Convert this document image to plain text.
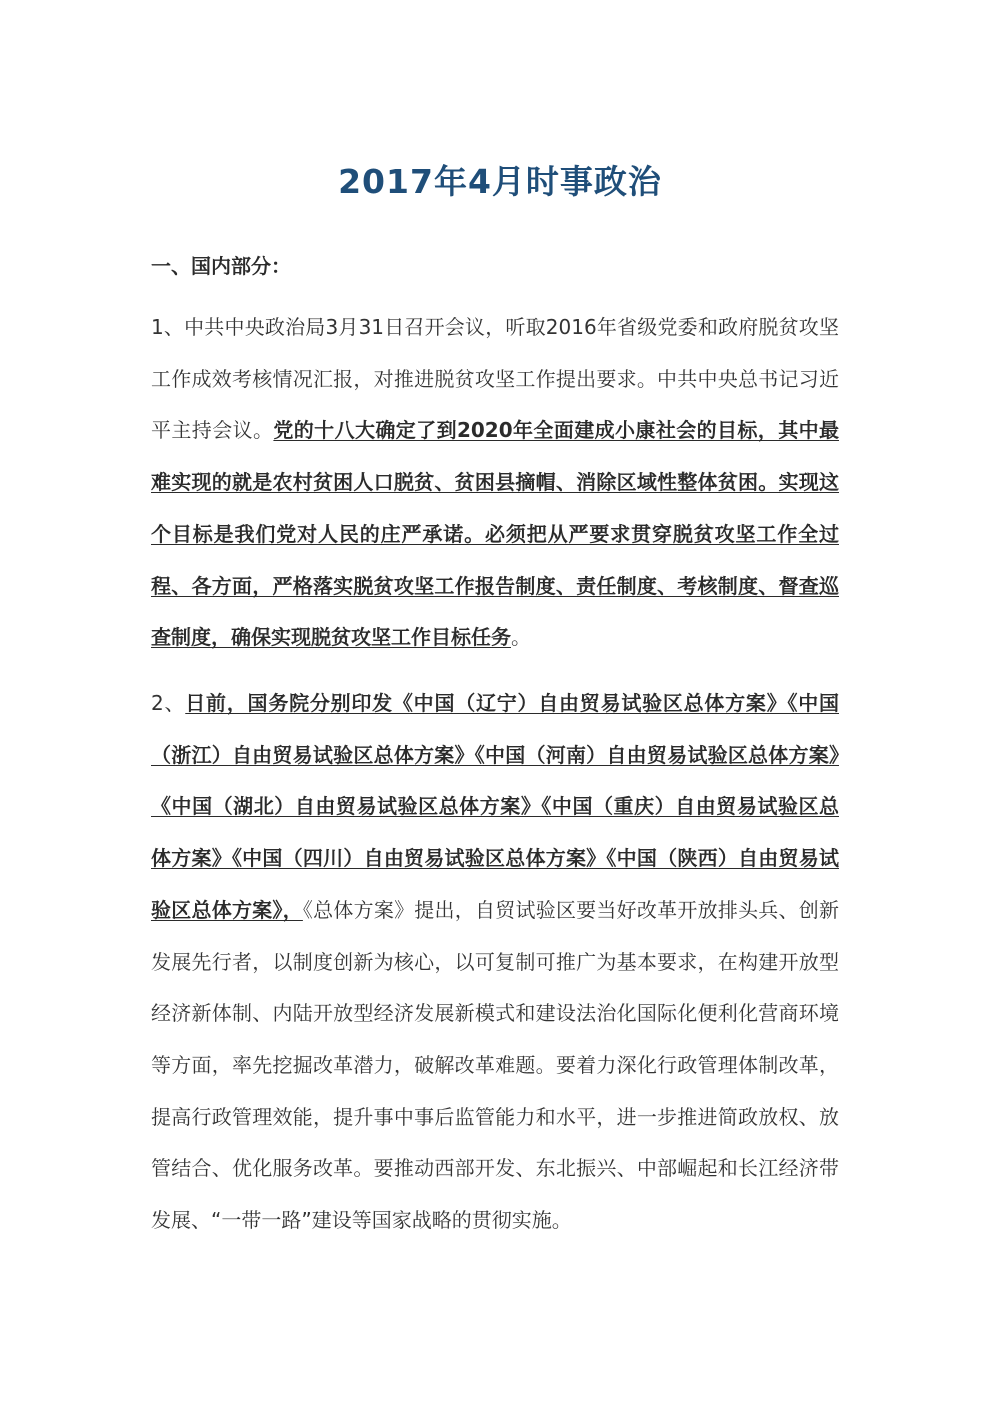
2017年4月时事政治
一、国内部分：

1、中共中央政治局3月31日召开会议，听取2016年省级党委和政府脱贫攻坚工作成效考核情况汇报，对推进脱贫攻坚工作提出要求。中共中央总书记习近平主持会议。党的十八大确定了到2020年全面建成小康社会的目标，其中最难实现的就是农村贫困人口脱贫、贫困县摘帽、消除区域性整体贫困。实现这个目标是我们党对人民的庄严承诺。必须把从严要求贯穿脱贫攻坚工作全过程、各方面，严格落实脱贫攻坚工作报告制度、责任制度、考核制度、督查巡查制度，确保实现脱贫攻坚工作目标任务。

2、日前，国务院分别印发《中国（辽宁）自由贸易试验区总体方案》《中国（浙江）自由贸易试验区总体方案》《中国（河南）自由贸易试验区总体方案》《中国（湖北）自由贸易试验区总体方案》《中国（重庆）自由贸易试验区总体方案》《中国（四川）自由贸易试验区总体方案》《中国（陕西）自由贸易试验区总体方案》，《总体方案》提出，自贸试验区要当好改革开放排头兵、创新发展先行者，以制度创新为核心，以可复制可推广为基本要求，在构建开放型经济新体制、内陆开放型经济发展新模式和建设法治化国际化便利化营商环境等方面，率先挖掘改革潜力，破解改革难题。要着力深化行政管理体制改革，提高行政管理效能，提升事中事后监管能力和水平，进一步推进简政放权、放管结合、优化服务改革。要推动西部开发、东北振兴、中部崛起和长江经济带发展、“一带一路”建设等国家战略的贯彻实施。
